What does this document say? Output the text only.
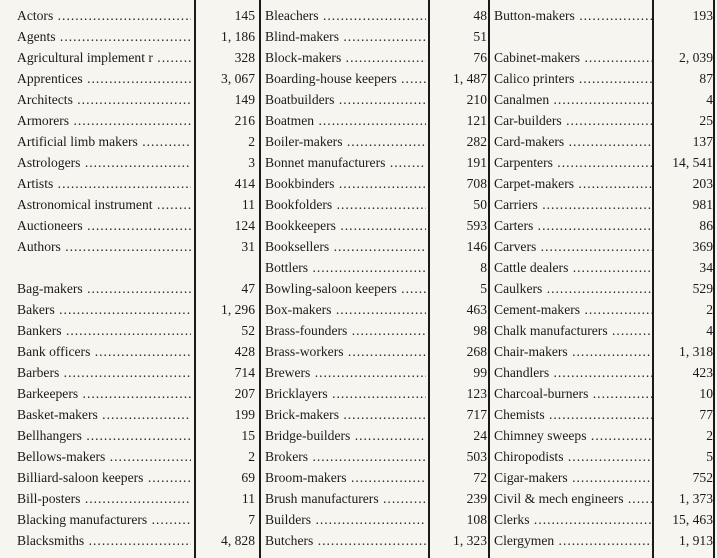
Actors .....	145
Agents .....	1, 186
Agricultural implement r .....	328
Apprentices .....	3, 067
Architects .....	149
Armorers .....	216
Artificial limb makers .....	2
Astrologers .....	3
Artists .....	414
Astronomical instrument .....	11
Auctioneers .....	124
Authors .....	31
Bag-makers .....	47
Bakers .....	1, 296
Bankers .....	52
Bank officers .....	428
Barbers .....	714
Barkeepers .....	207
Basket-makers .....	199
Bellhangers .....	15
Bellows-makers .....	2
Billiard-saloon keepers .....	69
Bill-posters .....	11
Blacking manufacturers .....	7
Blacksmiths .....	4, 828
Bleachers .....	48
Blind-makers .....	51
Block-makers .....	76
Boarding-house keepers .....	1, 487
Boatbuilders .....	210
Boatmen .....	121
Boiler-makers .....	282
Bonnet manufacturers .....	191
Bookbinders .....	708
Bookfolders .....	50
Bookkeepers .....	593
Booksellers .....	146
Bottlers .....	8
Bowling-saloon keepers .....	5
Box-makers .....	463
Brass-founders .....	98
Brass-workers .....	268
Brewers .....	99
Bricklayers .....	123
Brick-makers .....	717
Bridge-builders .....	24
Brokers .....	503
Broom-makers .....	72
Brush manufacturers .....	239
Builders .....	108
Butchers .....	1, 323
Button-makers .....	193
Cabinet-makers .....	2, 039
Calico printers .....	87
Canalmen .....	4
Car-builders .....	25
Card-makers .....	137
Carpenters .....	14, 541
Carpet-makers .....	203
Carriers .....	981
Carters .....	86
Carvers .....	369
Cattle dealers .....	34
Caulkers .....	529
Cement-makers .....	2
Chalk manufacturers .....	4
Chair-makers .....	1, 318
Chandlers .....	423
Charcoal-burners .....	10
Chemists .....	77
Chimney sweeps .....	2
Chiropodists .....	5
Cigar-makers .....	752
Civil & mech engineers .....	1, 373
Clerks .....	15, 463
Clergymen .....	1, 913
